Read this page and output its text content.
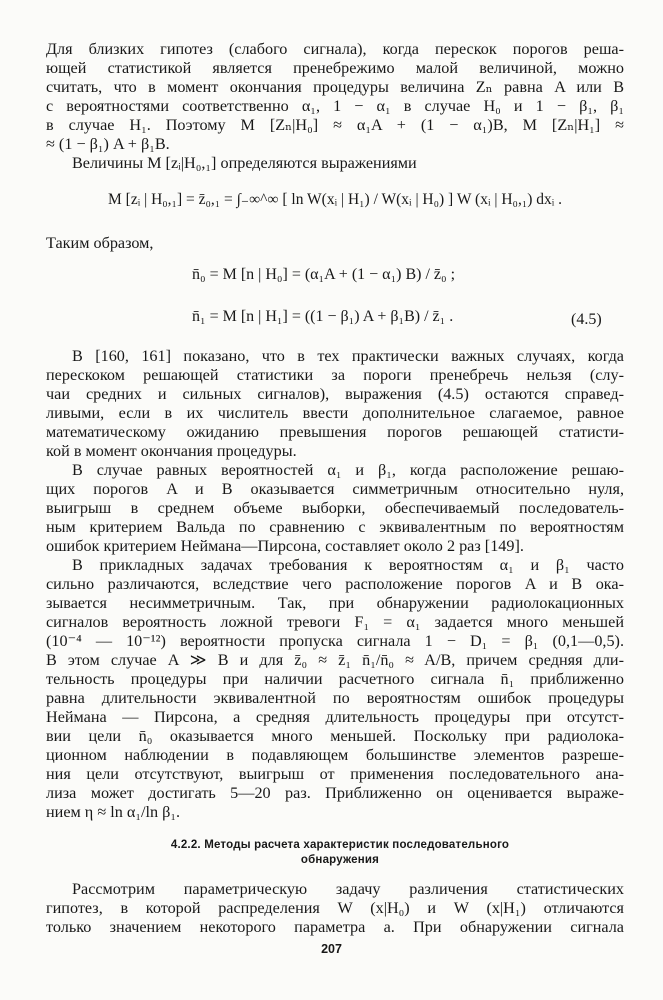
Для близких гипотез (слабого сигнала), когда перескок порогов реша-
ющей статистикой является пренебрежимо малой величиной, можно
считать, что в момент окончания процедуры величина Zₙ равна A или B
с вероятностями соответственно α₁, 1 − α₁ в случае H₀ и 1 − β₁, β₁
в случае H₁. Поэтому M [Zₙ|H₀] ≈ α₁A + (1 − α₁)B, M [Zₙ|H₁] ≈
≈ (1 − β₁) A + β₁B.
Величины M [zᵢ|H₀,₁] определяются выражениями
M [zᵢ | H₀,₁] = z̄₀,₁ = ∫₋∞^∞ [ ln W(xᵢ | H₁) / W(xᵢ | H₀) ] W (xᵢ | H₀,₁) dxᵢ .
Таким образом,
n̄₀ = M [n | H₀] = (α₁A + (1 − α₁) B) / z̄₀ ;
n̄₁ = M [n | H₁] = ((1 − β₁) A + β₁B) / z̄₁ .	(4.5)
В [160, 161] показано, что в тех практически важных случаях, когда
перескоком решающей статистики за пороги пренебречь нельзя (слу-
чаи средних и сильных сигналов), выражения (4.5) остаются справед-
ливыми, если в их числитель ввести дополнительное слагаемое, равное
математическому ожиданию превышения порогов решающей статисти-
кой в момент окончания процедуры.
В случае равных вероятностей α₁ и β₁, когда расположение решаю-
щих порогов A и B оказывается симметричным относительно нуля,
выигрыш в среднем объеме выборки, обеспечиваемый последователь-
ным критерием Вальда по сравнению с эквивалентным по вероятностям
ошибок критерием Неймана—Пирсона, составляет около 2 раз [149].
В прикладных задачах требования к вероятностям α₁ и β₁ часто
сильно различаются, вследствие чего расположение порогов A и B ока-
зывается несимметричным. Так, при обнаружении радиолокационных
сигналов вероятность ложной тревоги F₁ = α₁ задается много меньшей
(10⁻⁴ — 10⁻¹²) вероятности пропуска сигнала 1 − D₁ = β₁ (0,1—0,5).
В этом случае A ≫ B и для z̄₀ ≈ z̄₁ n̄₁/n̄₀ ≈ A/B, причем средняя дли-
тельность процедуры при наличии расчетного сигнала n̄₁ приближенно
равна длительности эквивалентной по вероятностям ошибок процедуры
Неймана — Пирсона, а средняя длительность процедуры при отсутст-
вии цели n̄₀ оказывается много меньшей. Поскольку при радиолока-
ционном наблюдении в подавляющем большинстве элементов разреше-
ния цели отсутствуют, выигрыш от применения последовательного ана-
лиза может достигать 5—20 раз. Приближенно он оценивается выраже-
нием η ≈ ln α₁/ln β₁.
4.2.2. Методы расчета характеристик последовательного
обнаружения
Рассмотрим параметрическую задачу различения статистических
гипотез, в которой распределения W (x|H₀) и W (x|H₁) отличаются
только значением некоторого параметра a. При обнаружении сигнала
207
